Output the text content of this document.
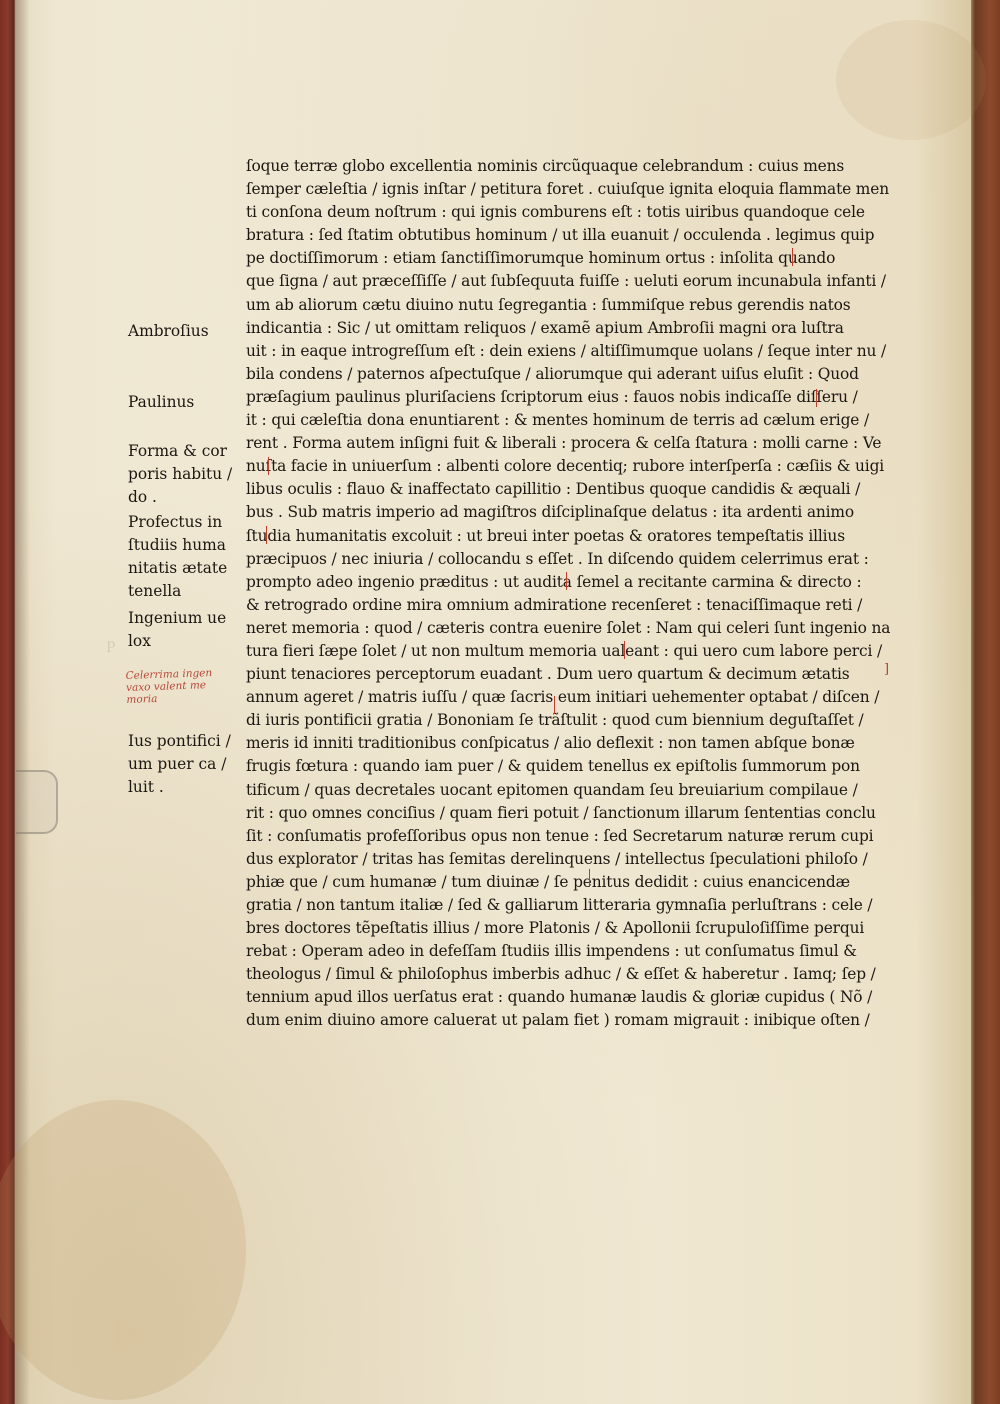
P
Ambroſius
Paulinus
Forma & cor
poris habitu /
do .
Profectus in
ſtudiis huma
nitatis ætate
tenella
Ingenium ue
lox
Ius pontifici /
um puer ca /
luit .
Celerrima ingen
vaxo valent me
moria
ſoque terræ globo excellentia nominis circũquaque celebrandum : cuius mens
ſemper cæleſtia / ignis inſtar / petitura foret . cuiuſque ignita eloquia flammate men
ti conſona deum noſtrum : qui ignis comburens eſt : totis uiribus quandoque cele
bratura : ſed ſtatim obtutibus hominum / ut illa euanuit / occulenda . legimus quip
pe doctiſſimorum : etiam ſanctiſſimorumque hominum ortus : inſolita quando
que ſigna / aut præceſſiſſe / aut ſubſequuta fuiſſe : ueluti eorum incunabula infanti /
um ab aliorum cætu diuino nutu ſegregantia : ſummiſque rebus gerendis natos
indicantia : Sic / ut omittam reliquos / examẽ apium Ambroſii magni ora luſtra
uit : in eaque introgreſſum eſt : dein exiens / altiſſimumque uolans / ſeque inter nu /
bila condens / paternos aſpectuſque / aliorumque qui aderant uiſus eluſit : Quod
præſagium paulinus pluriſaciens ſcriptorum eius : fauos nobis indicaſſe diſſeru /
it : qui cæleſtia dona enuntiarent : & mentes hominum de terris ad cælum erige /
rent . Forma autem inſigni fuit & liberali : procera & celſa ſtatura : molli carne : Ve
nuſta facie in uniuerſum : albenti colore decentiq; rubore interſperſa : cæſiis & uigi
libus oculis : flauo & inaffectato capillitio : Dentibus quoque candidis & æquali /
bus . Sub matris imperio ad magiſtros diſciplinaſque delatus : ita ardenti animo
ſtudia humanitatis excoluit : ut breui inter poetas & oratores tempeſtatis illius
præcipuos / nec iniuria / collocandu s eſſet . In diſcendo quidem celerrimus erat :
prompto adeo ingenio præditus : ut audita ſemel a recitante carmina & directo :
& retrogrado ordine mira omnium admiratione recenſeret : tenaciſſimaque reti /
neret memoria : quod / cæteris contra euenire ſolet : Nam qui celeri ſunt ingenio na
tura fieri ſæpe ſolet / ut non multum memoria ualeant : qui uero cum labore perci /
piunt tenaciores perceptorum euadant . Dum uero quartum & decimum ætatis
annum ageret / matris iuſſu / quæ ſacris eum initiari uehementer optabat / diſcen /
di iuris pontificii gratia / Bononiam ſe trãſtulit : quod cum biennium deguſtaſſet /
meris id inniti traditionibus conſpicatus / alio deflexit : non tamen abſque bonæ
frugis fœtura : quando iam puer / & quidem tenellus ex epiſtolis ſummorum pon
tificum / quas decretales uocant epitomen quandam ſeu breuiarium compilaue /
rit : quo omnes conciſius / quam fieri potuit / ſanctionum illarum ſententias conclu
ſit : conſumatis profeſſoribus opus non tenue : ſed Secretarum naturæ rerum cupi
dus explorator / tritas has ſemitas derelinquens / intellectus ſpeculationi philoſo /
phiæ que / cum humanæ / tum diuinæ / ſe penitus dedidit : cuius enancicendæ
gratia / non tantum italiæ / ſed & galliarum litteraria gymnaſia perluſtrans : cele /
bres doctores tẽpeſtatis illius / more Platonis / & Apollonii ſcrupuloſiſſime perqui
rebat : Operam adeo in defeſſam ſtudiis illis impendens : ut conſumatus ſimul &
theologus / ſimul & philoſophus imberbis adhuc / & eſſet & haberetur . Iamq; ſep /
tennium apud illos uerſatus erat : quando humanæ laudis & gloriæ cupidus ( Nõ /
dum enim diuino amore caluerat ut palam fiet ) romam migrauit : inibique oſten /
]
